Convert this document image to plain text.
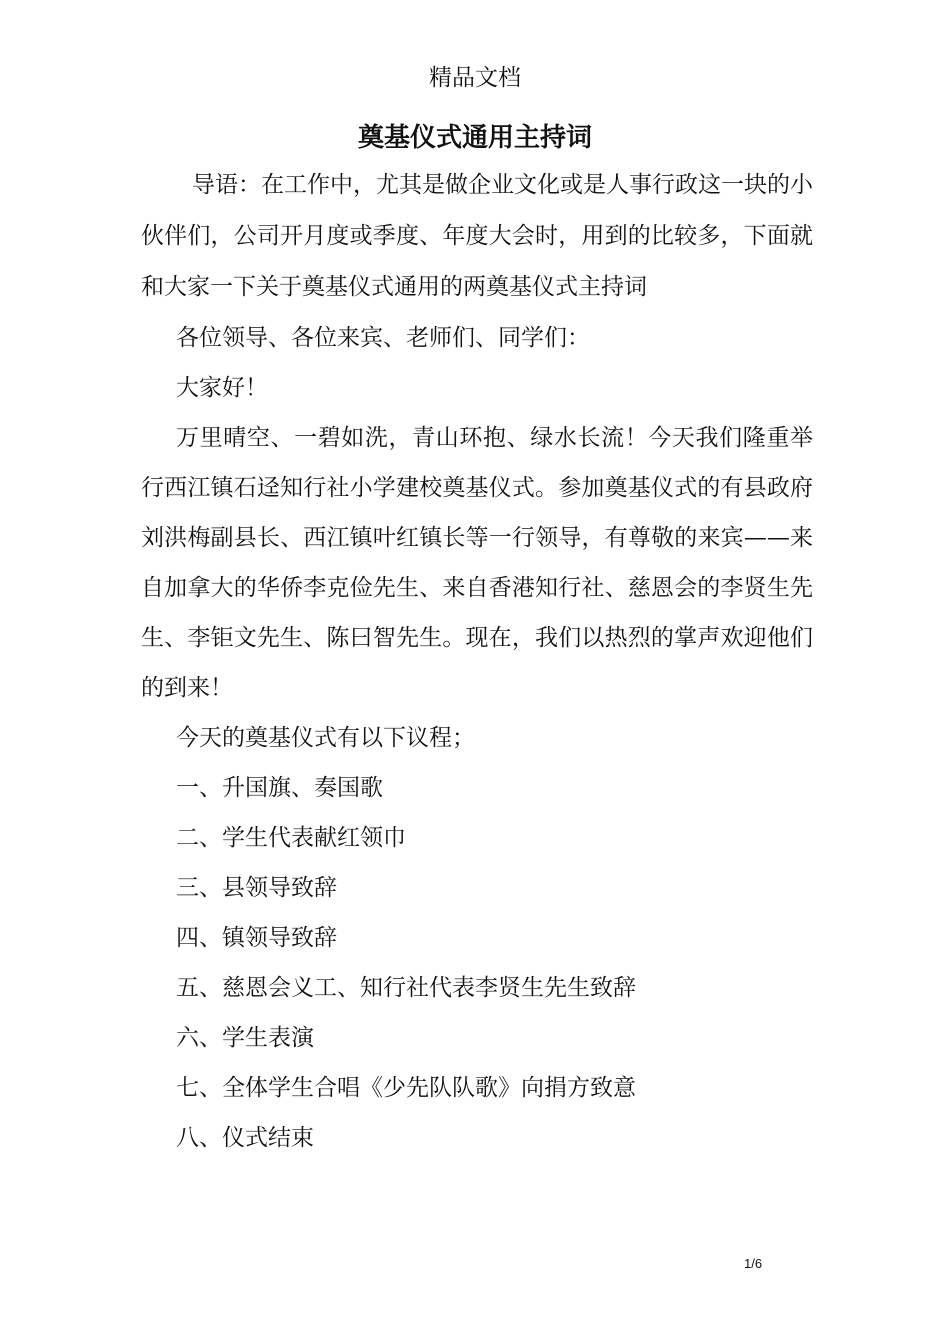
精品文档
奠基仪式通用主持词

导语：在工作中，尤其是做企业文化或是人事行政这一块的小伙伴们，公司开月度或季度、年度大会时，用到的比较多，下面就和大家一下关于奠基仪式通用的两奠基仪式主持词

各位领导、各位来宾、老师们、同学们：

大家好！

万里晴空、一碧如洗，青山环抱、绿水长流！今天我们隆重举行西江镇石迳知行社小学建校奠基仪式。参加奠基仪式的有县政府刘洪梅副县长、西江镇叶红镇长等一行领导，有尊敬的来宾——来自加拿大的华侨李克俭先生、来自香港知行社、慈恩会的李贤生先生、李钜文先生、陈曰智先生。现在，我们以热烈的掌声欢迎他们的到来！

今天的奠基仪式有以下议程；

一、升国旗、奏国歌

二、学生代表献红领巾

三、县领导致辞

四、镇领导致辞

五、慈恩会义工、知行社代表李贤生先生致辞

六、学生表演

七、全体学生合唱《少先队队歌》向捐方致意

八、仪式结束

1/6
